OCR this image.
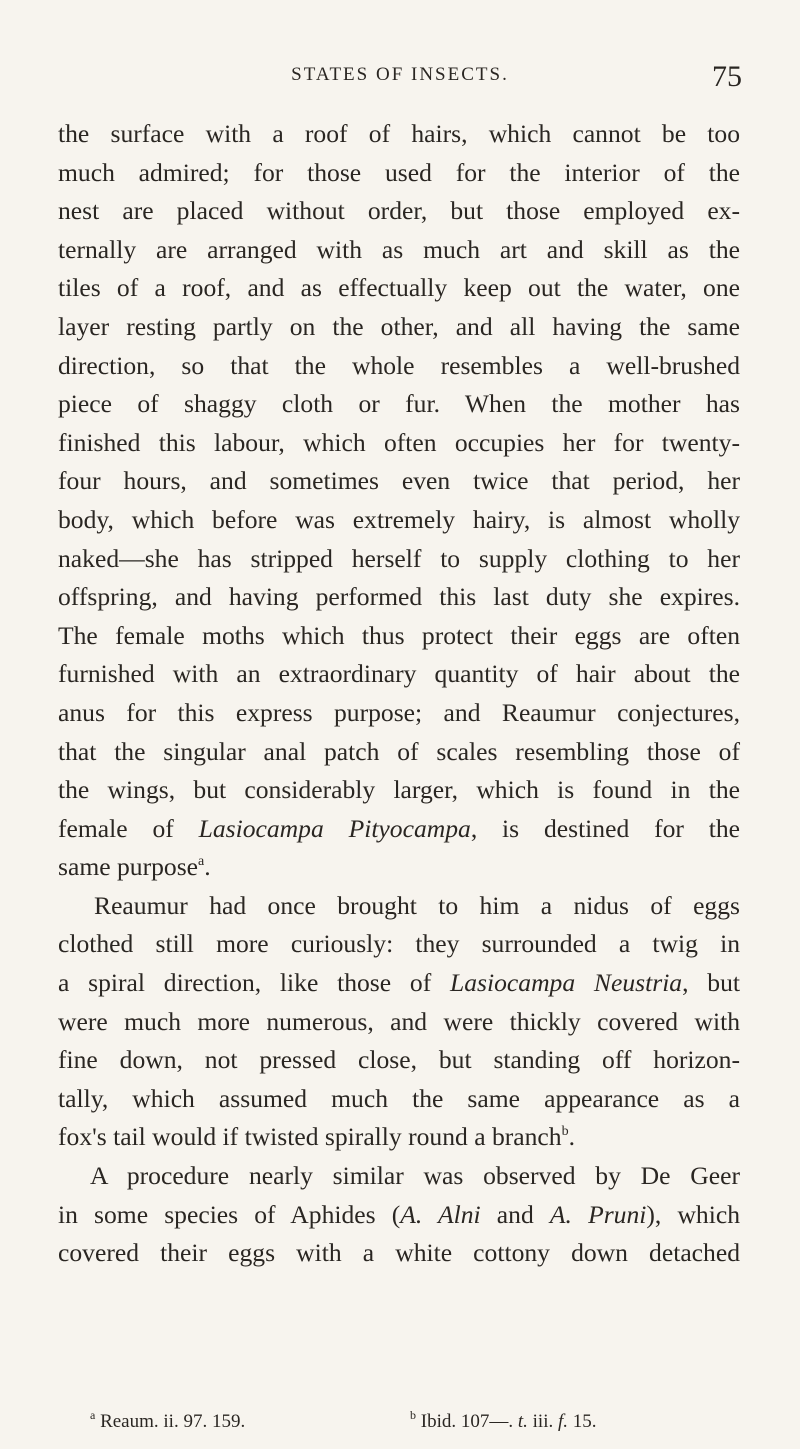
STATES OF INSECTS.	75
the surface with a roof of hairs, which cannot be too
much admired; for those used for the interior of the
nest are placed without order, but those employed ex-
ternally are arranged with as much art and skill as the
tiles of a roof, and as effectually keep out the water, one
layer resting partly on the other, and all having the same
direction, so that the whole resembles a well-brushed
piece of shaggy cloth or fur. When the mother has
finished this labour, which often occupies her for twenty-
four hours, and sometimes even twice that period, her
body, which before was extremely hairy, is almost wholly
naked—she has stripped herself to supply clothing to her
offspring, and having performed this last duty she expires.
The female moths which thus protect their eggs are often
furnished with an extraordinary quantity of hair about the
anus for this express purpose; and Reaumur conjectures,
that the singular anal patch of scales resembling those of
the wings, but considerably larger, which is found in the
female of Lasiocampa Pityocampa, is destined for the
same purpose$^a$.
Reaumur had once brought to him a nidus of eggs
clothed still more curiously: they surrounded a twig in
a spiral direction, like those of Lasiocampa Neustria, but
were much more numerous, and were thickly covered with
fine down, not pressed close, but standing off horizon-
tally, which assumed much the same appearance as a
fox's tail would if twisted spirally round a branch$^b$.
A procedure nearly similar was observed by De Geer
in some species of Aphides (A. Alni and A. Pruni), which
covered their eggs with a white cottony down detached
$^a$ Reaum. ii. 97. 159.	$^b$ Ibid. 107—. t. iii. f. 15.
